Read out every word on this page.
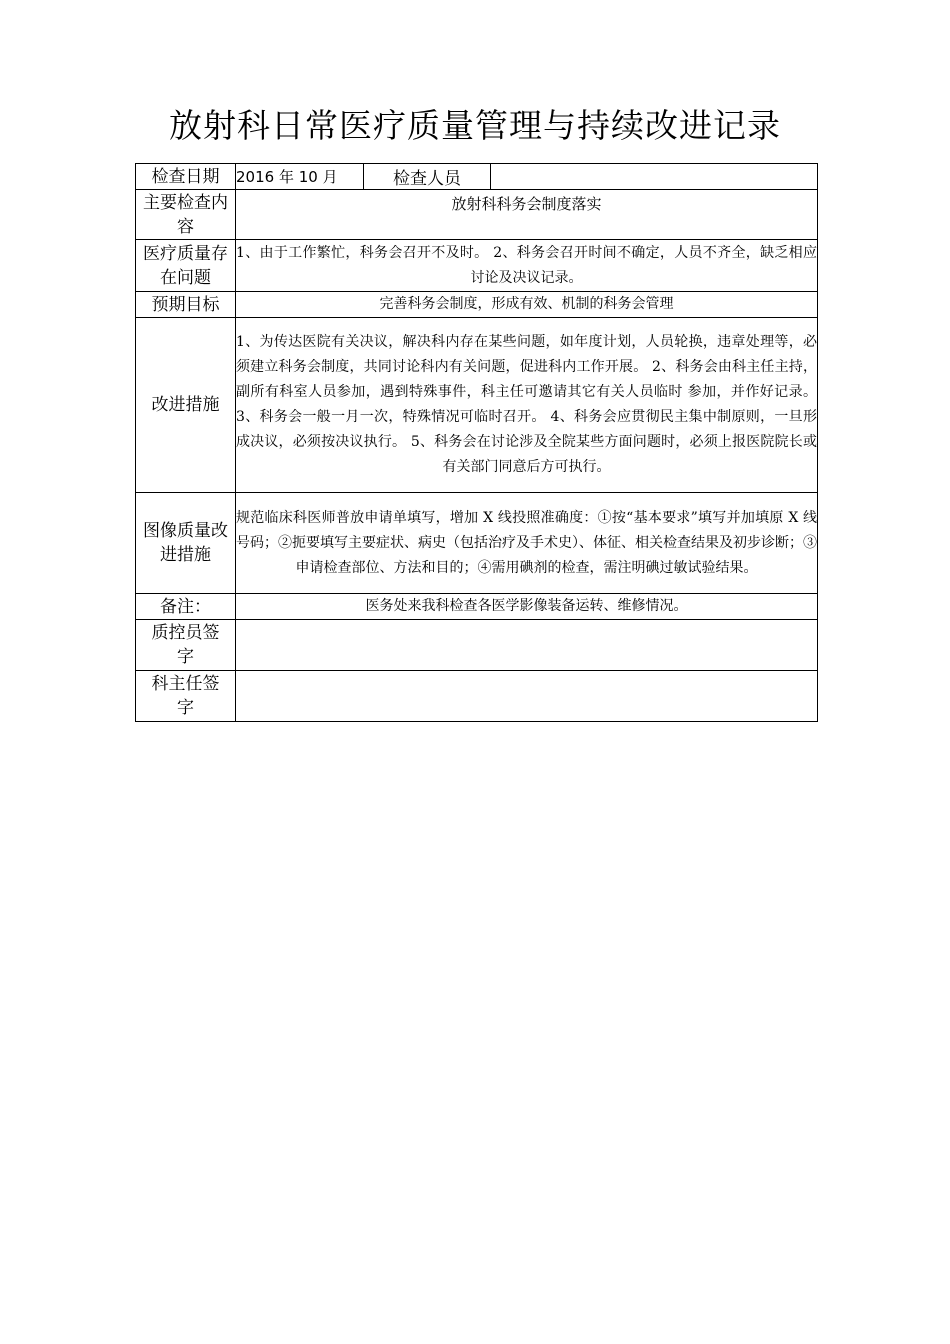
放射科日常医疗质量管理与持续改进记录
检查日期	2016 年 10 月	检查人员	
主要检查内容	放射科科务会制度落实		
医疗质量存在问题	1、由于工作繁忙，科务会召开不及时。 2、科务会召开时间不确定，人员不齐全，缺乏相应讨论及决议记录。		
预期目标	完善科务会制度，形成有效、机制的科务会管理		
改进措施	1、为传达医院有关决议，解决科内存在某些问题，如年度计划，人员轮换，违章处理等，必须建立科务会制度，共同讨论科内有关问题，促进科内工作开展。 2、科务会由科主任主持，副所有科室人员参加，遇到特殊事件，科主任可邀请其它有关人员临时 参加，并作好记录。 3、科务会一般一月一次，特殊情况可临时召开。 4、科务会应贯彻民主集中制原则，一旦形成决议，必须按决议执行。 5、科务会在讨论涉及全院某些方面问题时，必须上报医院院长或有关部门同意后方可执行。		
图像质量改进措施	规范临床科医师普放申请单填写，增加 X 线投照准确度：①按“基本要求”填写并加填原 X 线号码；②扼要填写主要症状、病史（包括治疗及手术史）、体征、相关检查结果及初步诊断；③申请检查部位、方法和目的；④需用碘剂的检查，需注明碘过敏试验结果。		
备注：	医务处来我科检查各医学影像装备运转、维修情况。		
质控员签字			
科主任签字			
